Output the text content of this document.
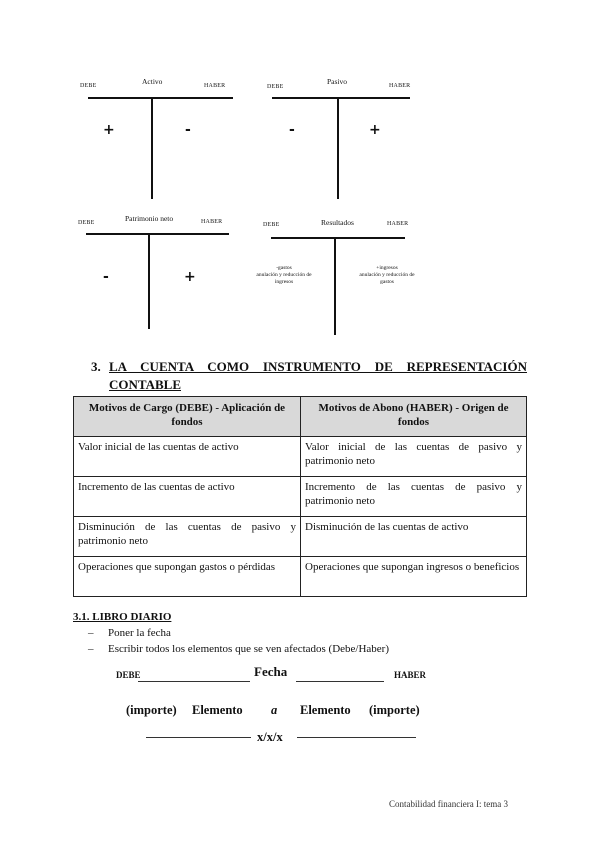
DEBE	Activo	HABER
+	-
DEBE
Pasivo	HABER
-	+
DEBE	Patrimonio neto	HABER
-	+
DEBE	Resultados	HABER
-gastos
anulación y reducción de
ingresos
+ingresos
anulación y reducción de
gastos
3. LA CUENTA COMO INSTRUMENTO DE REPRESENTACIÓN
CONTABLE
Motivos de Cargo (DEBE) - Aplicación de fondos	Motivos de Abono (HABER) - Origen de fondos
Valor inicial de las cuentas de activo	Valor inicial de las cuentas de pasivo y patrimonio neto
Incremento de las cuentas de activo	Incremento de las cuentas de pasivo y patrimonio neto
Disminución de las cuentas de pasivo y patrimonio neto	Disminución de las cuentas de activo
Operaciones que supongan gastos o pérdidas	Operaciones que supongan ingresos o beneficios
3.1. LIBRO DIARIO
–	Poner la fecha
–	Escribir todos los elementos que se ven afectados (Debe/Haber)
DEBE	Fecha	HABER
(importe) Elemento a Elemento (importe)
x/x/x
Contabilidad financiera I: tema 3
